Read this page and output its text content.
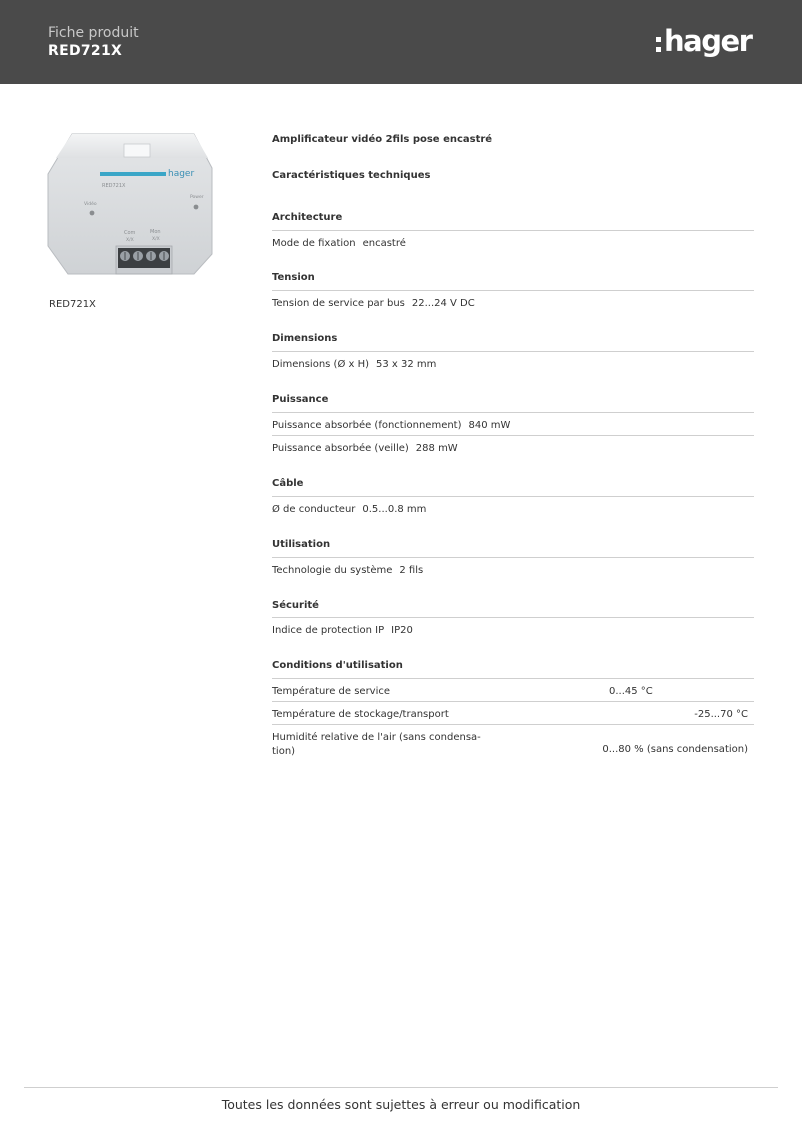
Fiche produit
RED721X	hager
hager
RED721X
Vidéo
Power
Com
X/X
Mon
X/X
RED721X
Amplificateur vidéo 2fils pose encastré
Caractéristiques techniques
Architecture
Mode de fixation encastré
Tension
Tension de service par bus 22...24 V DC
Dimensions
Dimensions (Ø x H) 53 x 32 mm
Puissance
Puissance absorbée (fonctionnement) 840 mW
Puissance absorbée (veille) 288 mW
Câble
Ø de conducteur 0.5...0.8 mm
Utilisation
Technologie du système 2 fils
Sécurité
Indice de protection IP IP20
Conditions d'utilisation
Température de service	0...45 °C
Température de stockage/transport	-25...70 °C
Humidité relative de l'air (sans condensa-
tion)	0...80 % (sans condensation)
Toutes les données sont sujettes à erreur ou modification
